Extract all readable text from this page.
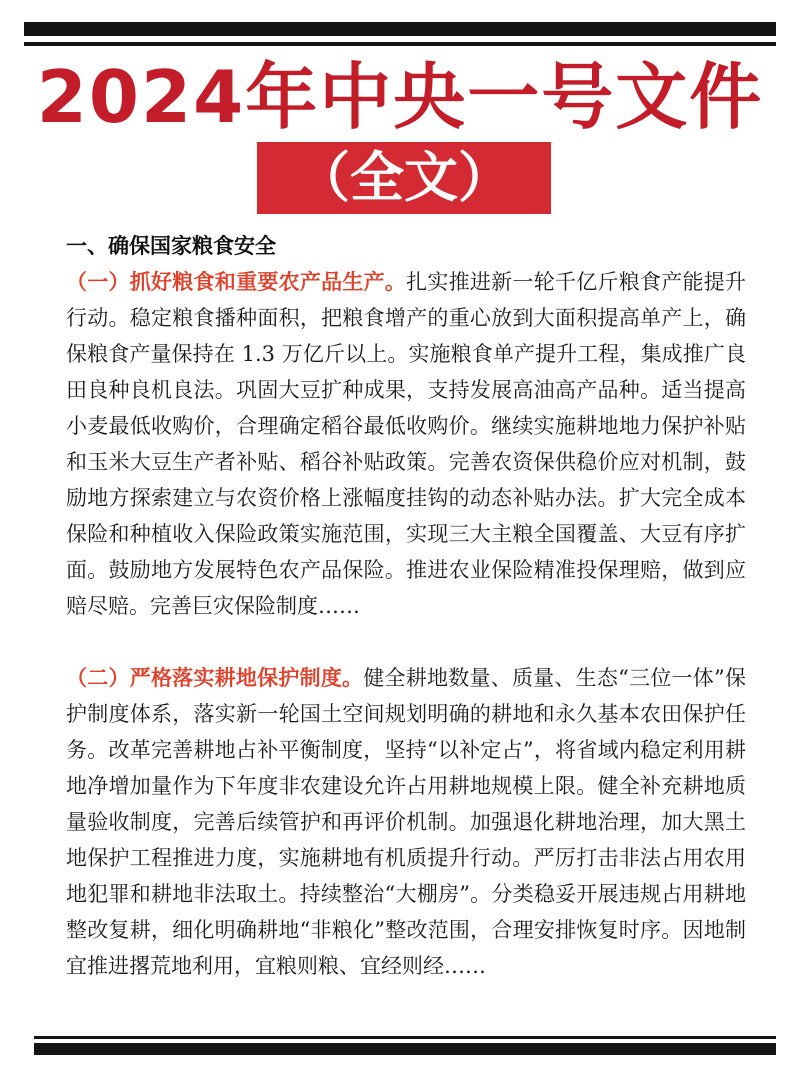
2024年中央一号文件
（全文）
一、确保国家粮食安全

（一）抓好粮食和重要农产品生产。扎实推进新一轮千亿斤粮食产能提升行动。稳定粮食播种面积，把粮食增产的重心放到大面积提高单产上，确保粮食产量保持在 1.3 万亿斤以上。实施粮食单产提升工程，集成推广良田良种良机良法。巩固大豆扩种成果，支持发展高油高产品种。适当提高小麦最低收购价，合理确定稻谷最低收购价。继续实施耕地地力保护补贴和玉米大豆生产者补贴、稻谷补贴政策。完善农资保供稳价应对机制，鼓励地方探索建立与农资价格上涨幅度挂钩的动态补贴办法。扩大完全成本保险和种植收入保险政策实施范围，实现三大主粮全国覆盖、大豆有序扩面。鼓励地方发展特色农产品保险。推进农业保险精准投保理赔，做到应赔尽赔。完善巨灾保险制度……

（二）严格落实耕地保护制度。健全耕地数量、质量、生态“三位一体”保护制度体系，落实新一轮国土空间规划明确的耕地和永久基本农田保护任务。改革完善耕地占补平衡制度，坚持“以补定占”，将省域内稳定利用耕地净增加量作为下年度非农建设允许占用耕地规模上限。健全补充耕地质量验收制度，完善后续管护和再评价机制。加强退化耕地治理，加大黑土地保护工程推进力度，实施耕地有机质提升行动。严厉打击非法占用农用地犯罪和耕地非法取土。持续整治“大棚房”。分类稳妥开展违规占用耕地整改复耕，细化明确耕地“非粮化”整改范围，合理安排恢复时序。因地制宜推进撂荒地利用，宜粮则粮、宜经则经……
